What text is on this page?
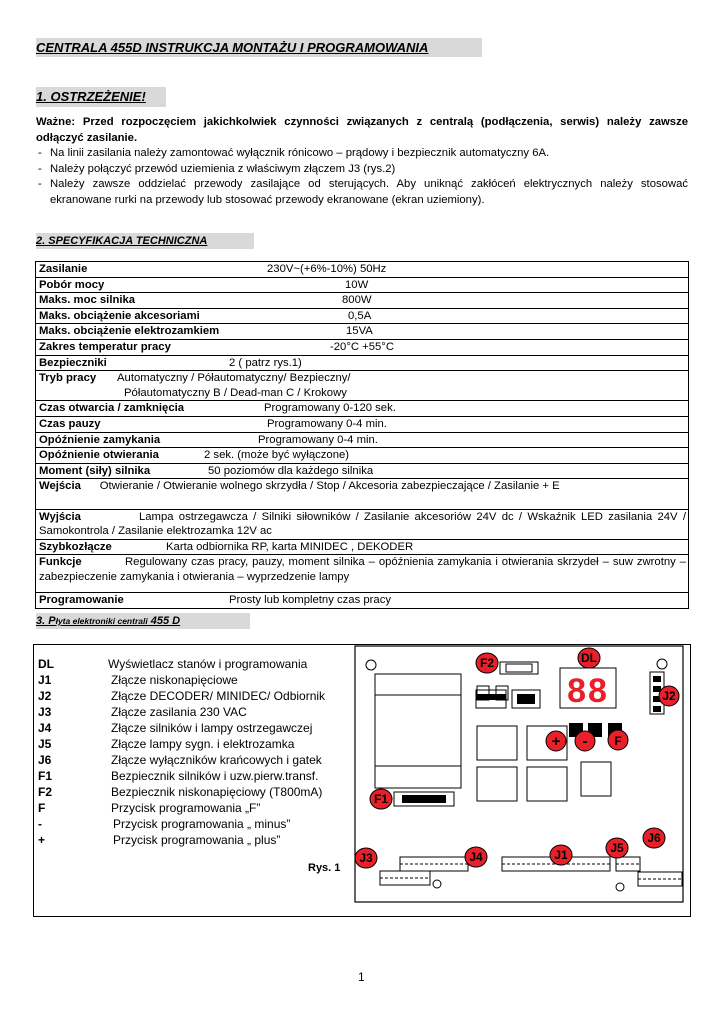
CENTRALA 455D INSTRUKCJA MONTAŻU I PROGRAMOWANIA
1. OSTRZEŻENIE!

Ważne: Przed rozpoczęciem jakichkolwiek czynności związanych z centralą (podłączenia, serwis) należy zawsze odłączyć zasilanie.

- Na linii zasilania należy zamontować wyłącznik rónicowo – prądowy i bezpiecznik automatyczny 6A.
- Należy połączyć przewód uziemienia z właściwym złączem J3 (rys.2)
- Należy zawsze oddzielać przewody zasilające od sterujących. Aby uniknąć zakłóceń elektrycznych należy stosować ekranowane rurki na przewody lub stosować przewody ekranowane (ekran uziemiony).
2. SPECYFIKACJA TECHNICZNA
Zasilanie	230V~(+6%-10%) 50Hz
Pobór mocy	10W
Maks. moc silnika	800W
Maks. obciążenie akcesoriami	0,5A
Maks. obciążenie elektrozamkiem	15VA
Zakres temperatur pracy	-20°C +55°C
Bezpieczniki	2 ( patrz rys.1)
Tryb pracy Automatyczny / Półautomatyczny/ Bezpieczny/
Półautomatyczny B / Dead-man C / Krokowy
Czas otwarcia / zamknięcia	Programowany 0-120 sek.
Czas pauzy	Programowany 0-4 min.
Opóźnienie zamykania	Programowany 0-4 min.
Opóźnienie otwierania	2 sek. (może być wyłączone)
Moment (siły) silnika	50 poziomów dla każdego silnika
Wejścia Otwieranie / Otwieranie wolnego skrzydła / Stop / Akcesoria zabezpieczające / Zasilanie + E
Wyjścia	Lampa ostrzegawcza / Silniki siłowników / Zasilanie akcesoriów 24V dc / Wskaźnik LED zasilania 24V / Samokontrola / Zasilanie elektrozamka 12V ac
Szybkozłącze	Karta odbiornika RP, karta MINIDEC , DEKODER
Funkcje	Regulowany czas pracy, pauzy, moment silnika – opóźnienia zamykania i otwierania skrzydeł – suw zwrotny – zabezpieczenie zamykania i otwierania – wyprzedzenie lampy
Programowanie	Prosty lub kompletny czas pracy
3. Płyta elektroniki centrali 455 D
DL	Wyświetlacz stanów i programowania
J1	Złącze niskonapięciowe
J2	Złącze DECODER/ MINIDEC/ Odbiornik
J3	Złącze zasilania 230 VAC
J4	Złącze silników i lampy ostrzegawczej
J5	Złącze lampy sygn. i elektrozamka
J6	Złącze wyłączników krańcowych i gatek
F1	Bezpiecznik silników i uzw.pierw.transf.
F2	Bezpiecznik niskonapięciowy (T800mA)
F	Przycisk programowania „F”
-	Przycisk programowania „ minus”
+	Przycisk programowania „ plus”
Rys. 1
88
F2	DL
J2
+ - F
F1
J3	J4	J1	J5
J6
1
